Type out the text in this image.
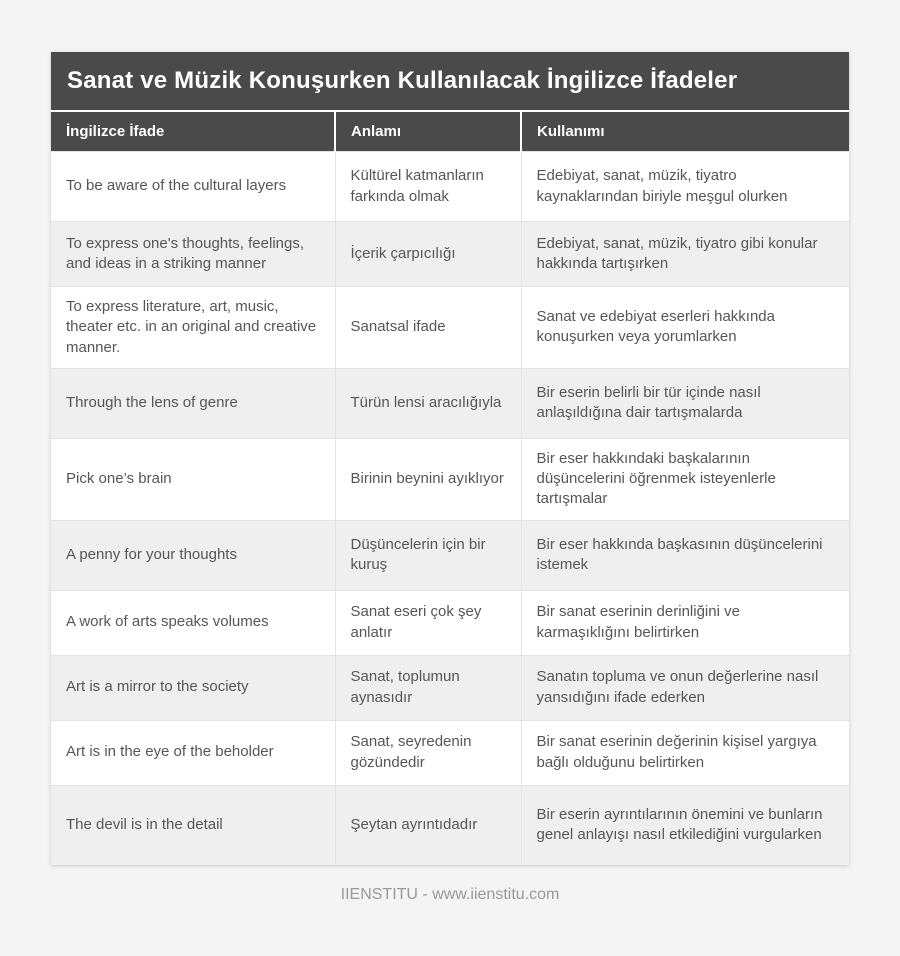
Sanat ve Müzik Konuşurken Kullanılacak İngilizce İfadeler
İngilizce İfade	Anlamı	Kullanımı
To be aware of the cultural layers	Kültürel katmanların farkında olmak	Edebiyat, sanat, müzik, tiyatro kaynaklarından biriyle meşgul olurken
To express one's thoughts, feelings, and ideas in a striking manner	İçerik çarpıcılığı	Edebiyat, sanat, müzik, tiyatro gibi konular hakkında tartışırken
To express literature, art, music, theater etc. in an original and creative manner.	Sanatsal ifade	Sanat ve edebiyat eserleri hakkında konuşurken veya yorumlarken
Through the lens of genre	Türün lensi aracılığıyla	Bir eserin belirli bir tür içinde nasıl anlaşıldığına dair tartışmalarda
Pick one’s brain	Birinin beynini ayıklıyor	Bir eser hakkındaki başkalarının düşüncelerini öğrenmek isteyenlerle tartışmalar
A penny for your thoughts	Düşüncelerin için bir kuruş	Bir eser hakkında başkasının düşüncelerini istemek
A work of arts speaks volumes	Sanat eseri çok şey anlatır	Bir sanat eserinin derinliğini ve karmaşıklığını belirtirken
Art is a mirror to the society	Sanat, toplumun aynasıdır	Sanatın topluma ve onun değerlerine nasıl yansıdığını ifade ederken
Art is in the eye of the beholder	Sanat, seyredenin gözündedir	Bir sanat eserinin değerinin kişisel yargıya bağlı olduğunu belirtirken
The devil is in the detail	Şeytan ayrıntıdadır	Bir eserin ayrıntılarının önemini ve bunların genel anlayışı nasıl etkilediğini vurgularken
IIENSTITU - www.iienstitu.com
